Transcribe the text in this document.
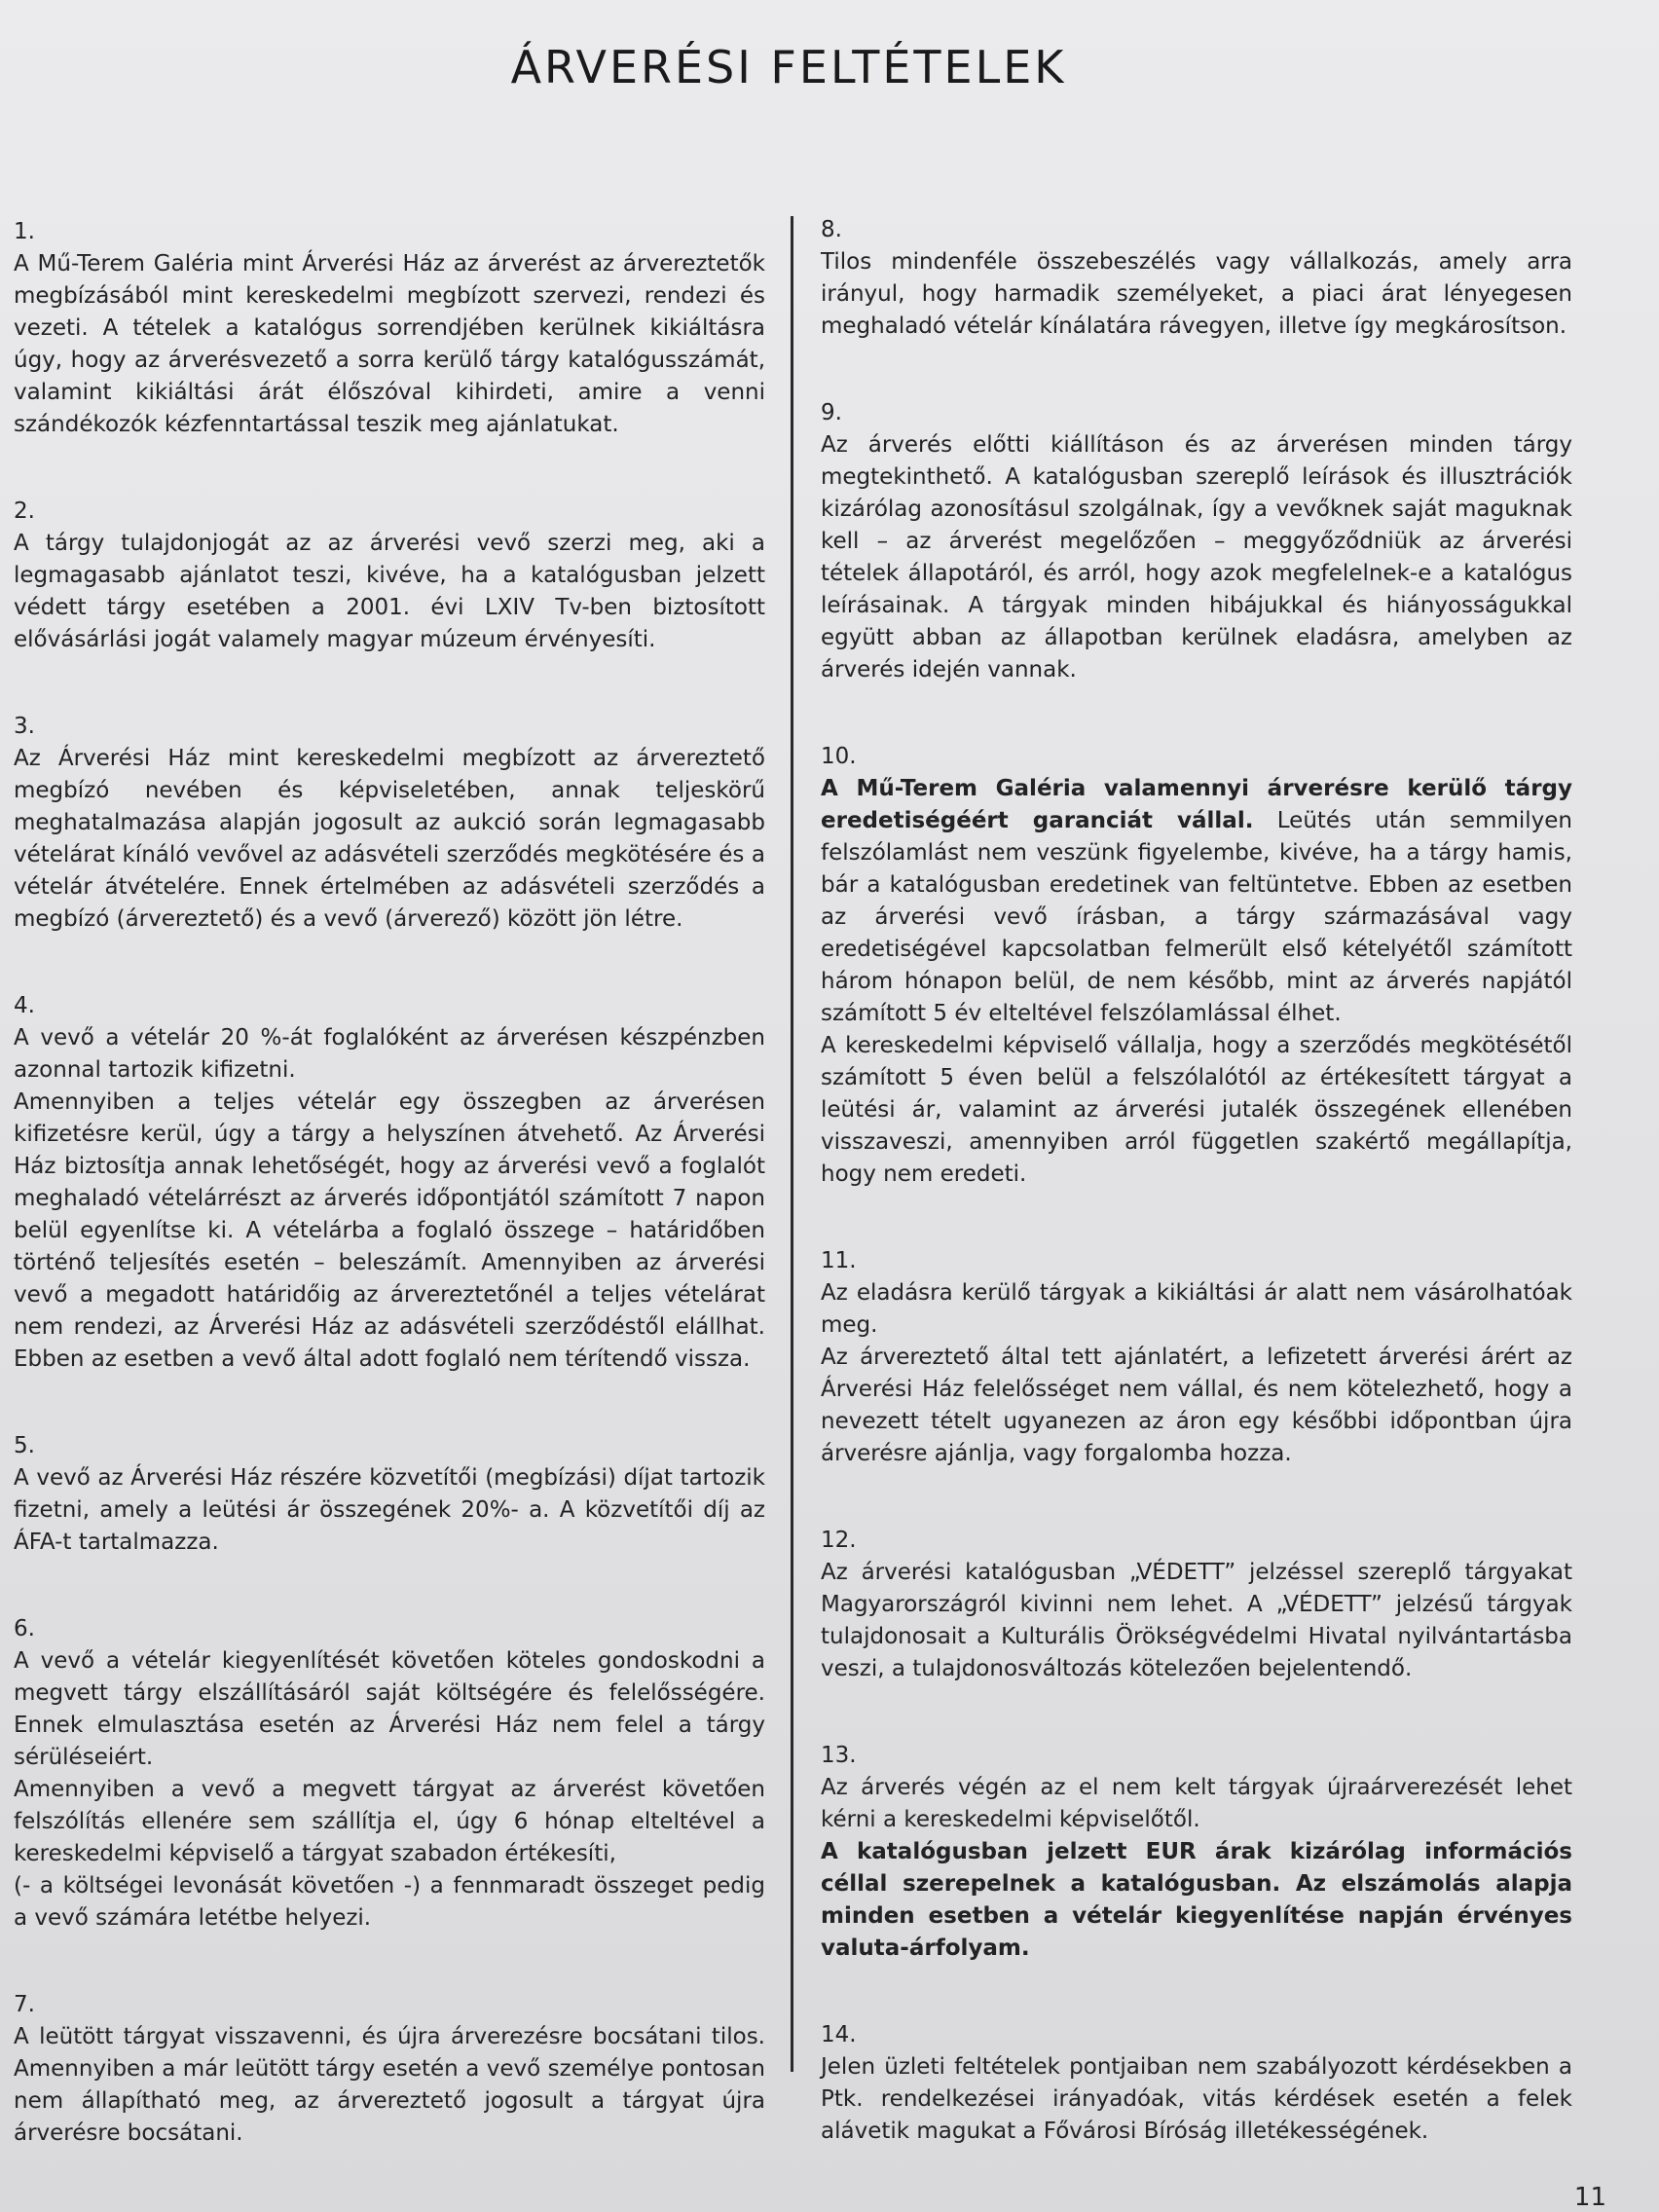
ÁRVERÉSI FELTÉTELEK

1.

A Mű-Terem Galéria mint Árverési Ház az árverést az árvereztetők megbízásából mint kereskedelmi megbízott szervezi, rendezi és vezeti. A tételek a katalógus sorrendjében kerülnek kikiáltásra úgy, hogy az árverésvezető a sorra kerülő tárgy katalógusszámát, valamint kikiáltási árát élőszóval kihirdeti, amire a venni szándékozók kézfenntartással teszik meg ajánlatukat.

2.

A tárgy tulajdonjogát az az árverési vevő szerzi meg, aki a legmagasabb ajánlatot teszi, kivéve, ha a katalógusban jelzett védett tárgy esetében a 2001. évi LXIV Tv-ben biztosított elővásárlási jogát valamely magyar múzeum érvényesíti.

3.

Az Árverési Ház mint kereskedelmi megbízott az árvereztető megbízó nevében és képviseletében, annak teljeskörű meghatalmazása alapján jogosult az aukció során legmagasabb vételárat kínáló vevővel az adásvételi szerződés megkötésére és a vételár átvételére. Ennek értelmében az adásvételi szerződés a megbízó (árvereztető) és a vevő (árverező) között jön létre.

4.

A vevő a vételár 20 %-át foglalóként az árverésen készpénzben azonnal tartozik kifizetni.

Amennyiben a teljes vételár egy összegben az árverésen kifizetésre kerül, úgy a tárgy a helyszínen átvehető. Az Árverési Ház biztosítja annak lehetőségét, hogy az árverési vevő a foglalót meghaladó vételárrészt az árverés időpontjától számított 7 napon belül egyenlítse ki. A vételárba a foglaló összege – határidőben történő teljesítés esetén – beleszámít. Amennyiben az árverési vevő a megadott határidőig az árvereztetőnél a teljes vételárat nem rendezi, az Árverési Ház az adásvételi szerződéstől elállhat. Ebben az esetben a vevő által adott foglaló nem térítendő vissza.

5.

A vevő az Árverési Ház részére közvetítői (megbízási) díjat tartozik fizetni, amely a leütési ár összegének 20%- a. A közvetítői díj az ÁFA-t tartalmazza.

6.

A vevő a vételár kiegyenlítését követően köteles gondoskodni a megvett tárgy elszállításáról saját költségére és felelősségére. Ennek elmulasztása esetén az Árverési Ház nem felel a tárgy sérüléseiért.

Amennyiben a vevő a megvett tárgyat az árverést követően felszólítás ellenére sem szállítja el, úgy 6 hónap elteltével a kereskedelmi képviselő a tárgyat szabadon értékesíti,

(- a költségei levonását követően -) a fennmaradt összeget pedig a vevő számára letétbe helyezi.

7.

A leütött tárgyat visszavenni, és újra árverezésre bocsátani tilos. Amennyiben a már leütött tárgy esetén a vevő személye pontosan nem állapítható meg, az árvereztető jogosult a tárgyat újra árverésre bocsátani.

8.

Tilos mindenféle összebeszélés vagy vállalkozás, amely arra irányul, hogy harmadik személyeket, a piaci árat lényegesen meghaladó vételár kínálatára rávegyen, illetve így megkárosítson.

9.

Az árverés előtti kiállításon és az árverésen minden tárgy megtekinthető. A katalógusban szereplő leírások és illusztrációk kizárólag azonosításul szolgálnak, így a vevőknek saját maguknak kell – az árverést megelőzően – meggyőződniük az árverési tételek állapotáról, és arról, hogy azok megfelelnek-e a katalógus leírásainak. A tárgyak minden hibájukkal és hiányosságukkal együtt abban az állapotban kerülnek eladásra, amelyben az árverés idején vannak.

10.

A Mű-Terem Galéria valamennyi árverésre kerülő tárgy eredetiségéért garanciát vállal. Leütés után semmilyen felszólamlást nem veszünk figyelembe, kivéve, ha a tárgy hamis, bár a katalógusban eredetinek van feltüntetve. Ebben az esetben az árverési vevő írásban, a tárgy származásával vagy eredetiségével kapcsolatban felmerült első kételyétől számított három hónapon belül, de nem később, mint az árverés napjától számított 5 év elteltével felszólamlással élhet.

A kereskedelmi képviselő vállalja, hogy a szerződés megkötésétől számított 5 éven belül a felszólalótól az értékesített tárgyat a leütési ár, valamint az árverési jutalék összegének ellenében visszaveszi, amennyiben arról független szakértő megállapítja, hogy nem eredeti.

11.

Az eladásra kerülő tárgyak a kikiáltási ár alatt nem vásárolhatóak meg.

Az árvereztető által tett ajánlatért, a lefizetett árverési árért az Árverési Ház felelősséget nem vállal, és nem kötelezhető, hogy a nevezett tételt ugyanezen az áron egy későbbi időpontban újra árverésre ajánlja, vagy forgalomba hozza.

12.

Az árverési katalógusban „VÉDETT” jelzéssel szereplő tárgyakat Magyarországról kivinni nem lehet. A „VÉDETT” jelzésű tárgyak tulajdonosait a Kulturális Örökségvédelmi Hivatal nyilvántartásba veszi, a tulajdonosváltozás kötelezően bejelentendő.

13.

Az árverés végén az el nem kelt tárgyak újraárverezését lehet kérni a kereskedelmi képviselőtől.

A katalógusban jelzett EUR árak kizárólag információs céllal szerepelnek a katalógusban. Az elszámolás alapja minden esetben a vételár kiegyenlítése napján érvényes valuta-árfolyam.

14.

Jelen üzleti feltételek pontjaiban nem szabályozott kérdésekben a Ptk. rendelkezései irányadóak, vitás kérdések esetén a felek alávetik magukat a Fővárosi Bíróság illetékességének.

11
